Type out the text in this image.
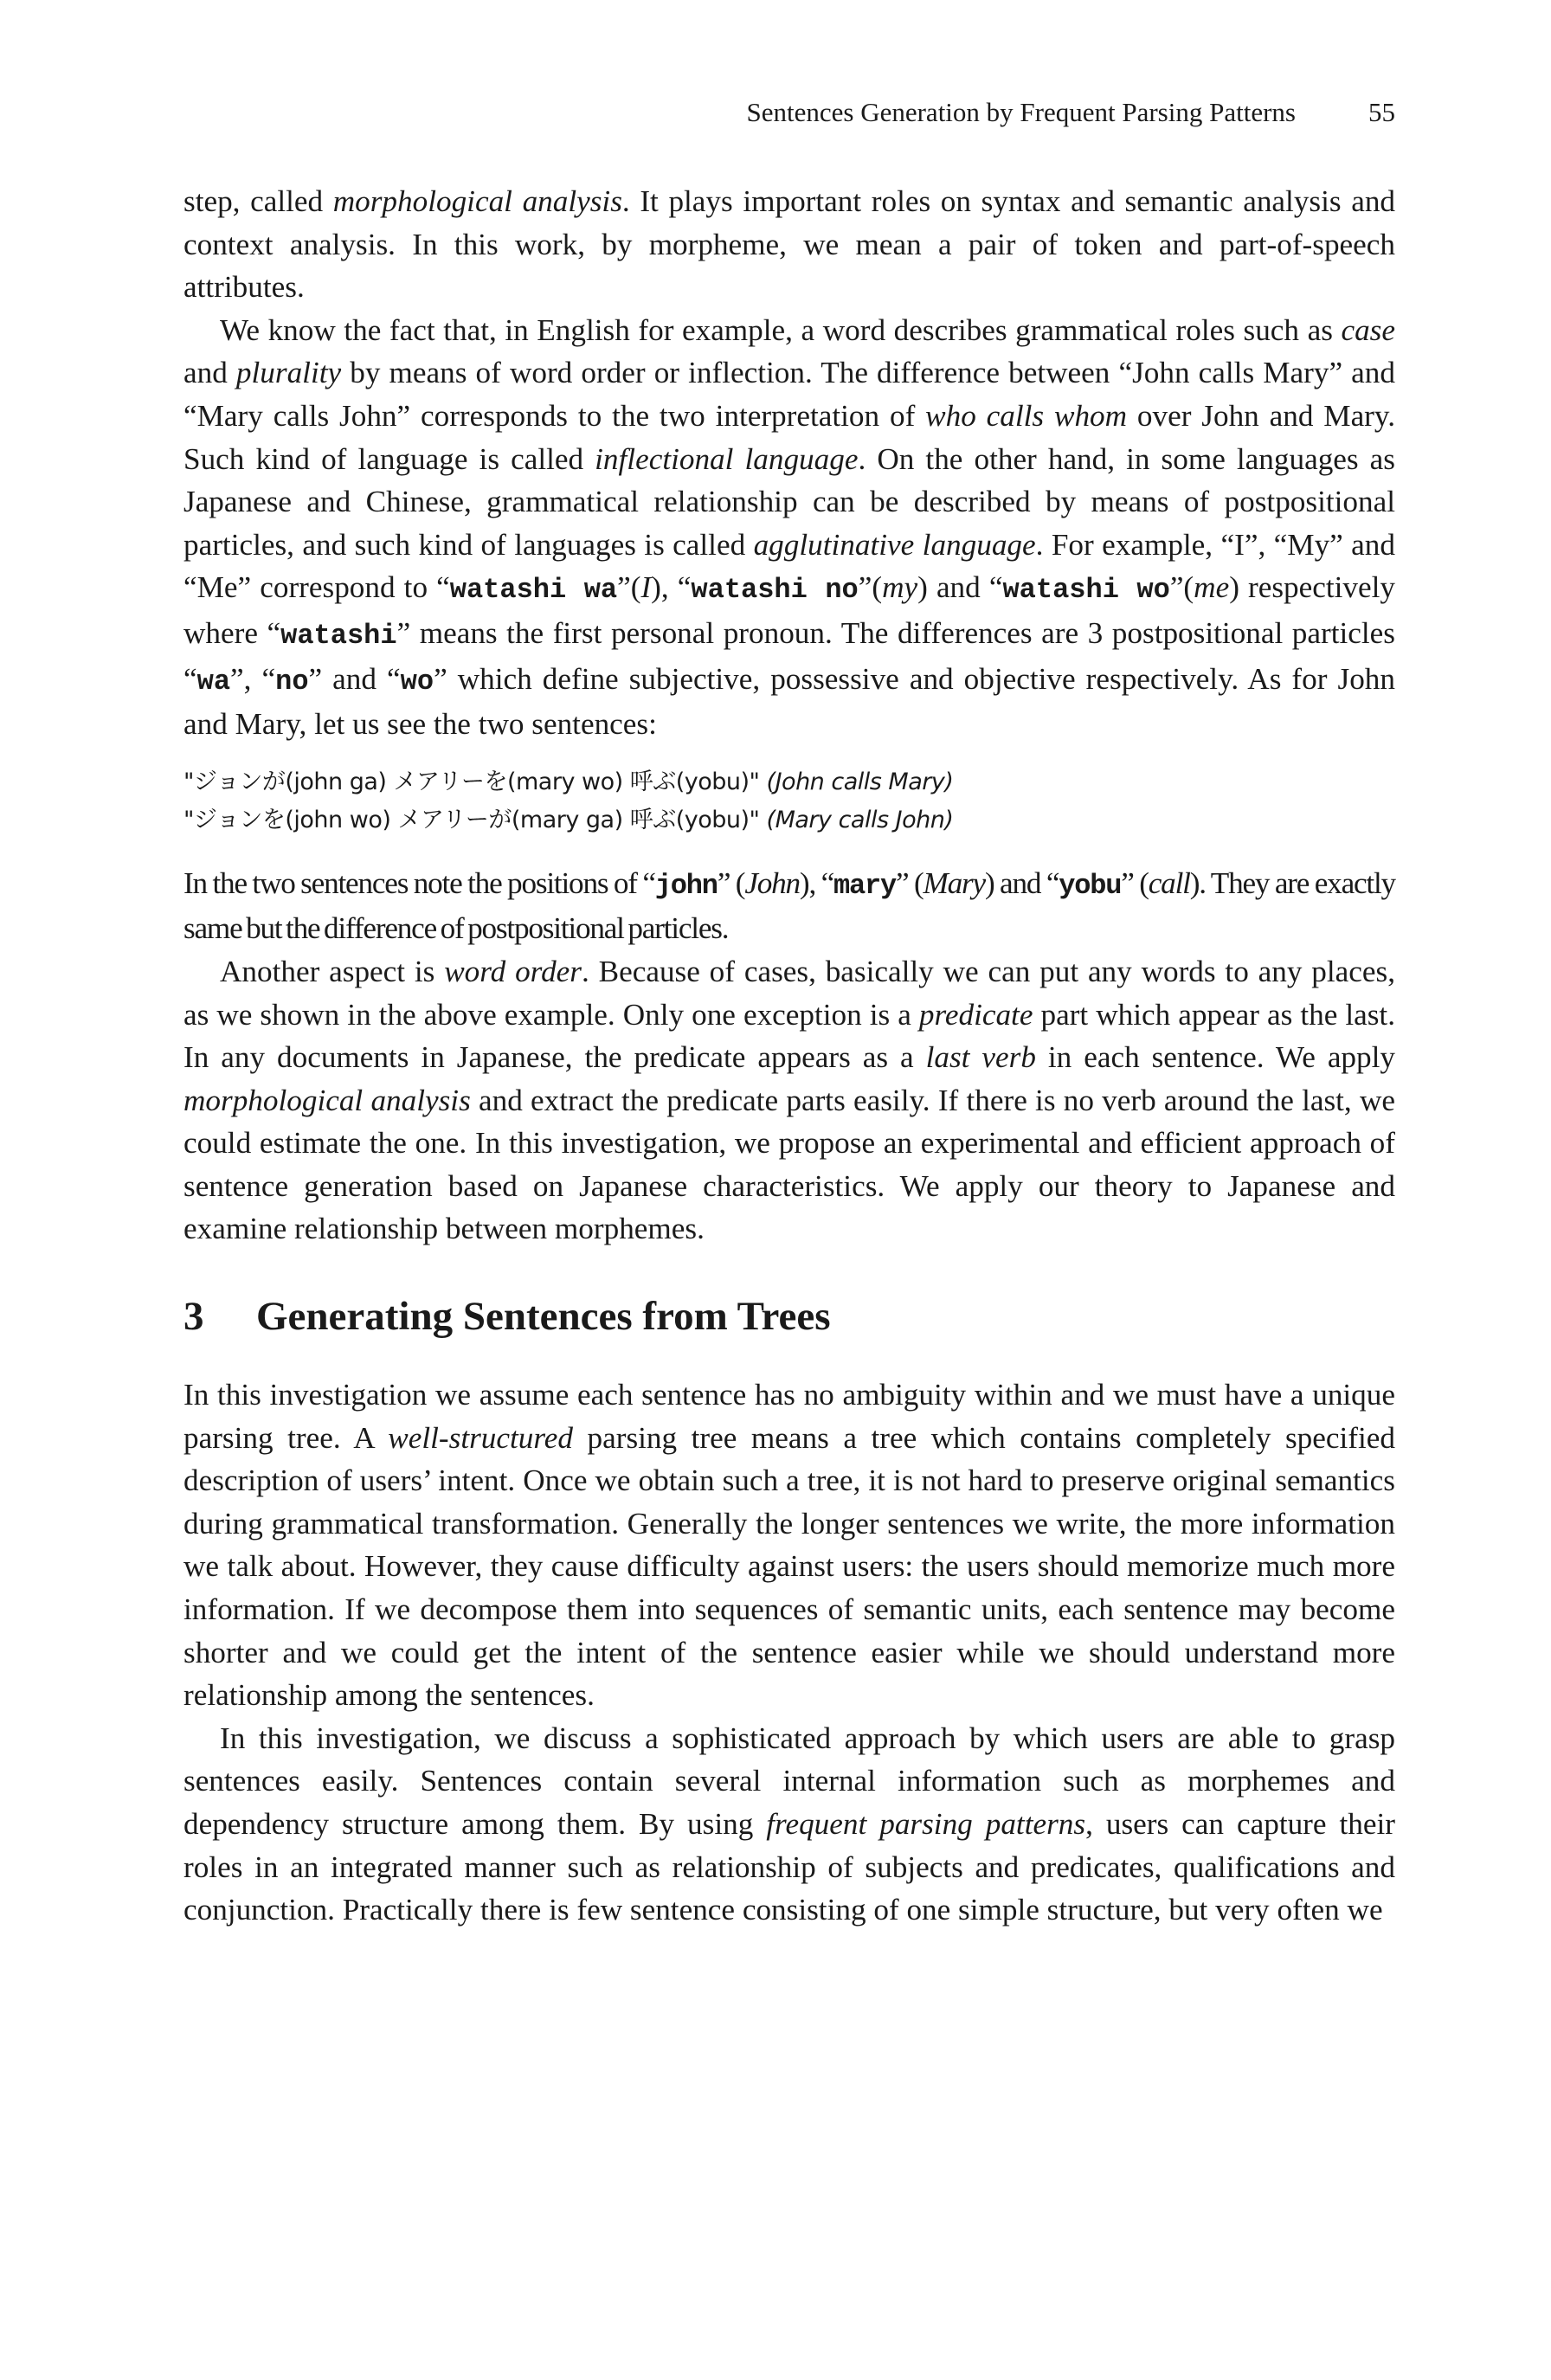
Sentences Generation by Frequent Parsing Patterns	55

step, called morphological analysis. It plays important roles on syntax and semantic analysis and context analysis. In this work, by morpheme, we mean a pair of token and part-of-speech attributes.

We know the fact that, in English for example, a word describes grammatical roles such as case and plurality by means of word order or inflection. The difference between “John calls Mary” and “Mary calls John” corresponds to the two interpretation of who calls whom over John and Mary. Such kind of language is called inflectional language. On the other hand, in some languages as Japanese and Chinese, grammatical relationship can be described by means of postpositional particles, and such kind of languages is called agglutinative language. For example, “I”, “My” and “Me” correspond to “watashi wa”(I), “watashi no”(my) and “watashi wo”(me) respectively where “watashi” means the first personal pronoun. The differences are 3 postpositional particles “wa”, “no” and “wo” which define subjective, possessive and objective respectively. As for John and Mary, let us see the two sentences:

"ジョンが(john ga) メアリーを(mary wo) 呼ぶ(yobu)" (John calls Mary)
"ジョンを(john wo) メアリーが(mary ga) 呼ぶ(yobu)" (Mary calls John)

In the two sentences note the positions of “john” (John), “mary” (Mary) and “yobu” (call). They are exactly same but the difference of postpositional particles.

Another aspect is word order. Because of cases, basically we can put any words to any places, as we shown in the above example. Only one exception is a predicate part which appear as the last. In any documents in Japanese, the predicate appears as a last verb in each sentence. We apply morphological analysis and extract the predicate parts easily. If there is no verb around the last, we could estimate the one. In this investigation, we propose an experimental and efficient approach of sentence generation based on Japanese characteristics. We apply our theory to Japanese and examine relationship between morphemes.

3	Generating Sentences from Trees

In this investigation we assume each sentence has no ambiguity within and we must have a unique parsing tree. A well-structured parsing tree means a tree which contains completely specified description of users’ intent. Once we obtain such a tree, it is not hard to preserve original semantics during grammatical transformation. Generally the longer sentences we write, the more information we talk about. However, they cause difficulty against users: the users should memorize much more information. If we decompose them into sequences of semantic units, each sentence may become shorter and we could get the intent of the sentence easier while we should understand more relationship among the sentences.

In this investigation, we discuss a sophisticated approach by which users are able to grasp sentences easily. Sentences contain several internal information such as morphemes and dependency structure among them. By using frequent parsing patterns, users can capture their roles in an integrated manner such as relationship of subjects and predicates, qualifications and conjunction. Practically there is few sentence consisting of one simple structure, but very often we
